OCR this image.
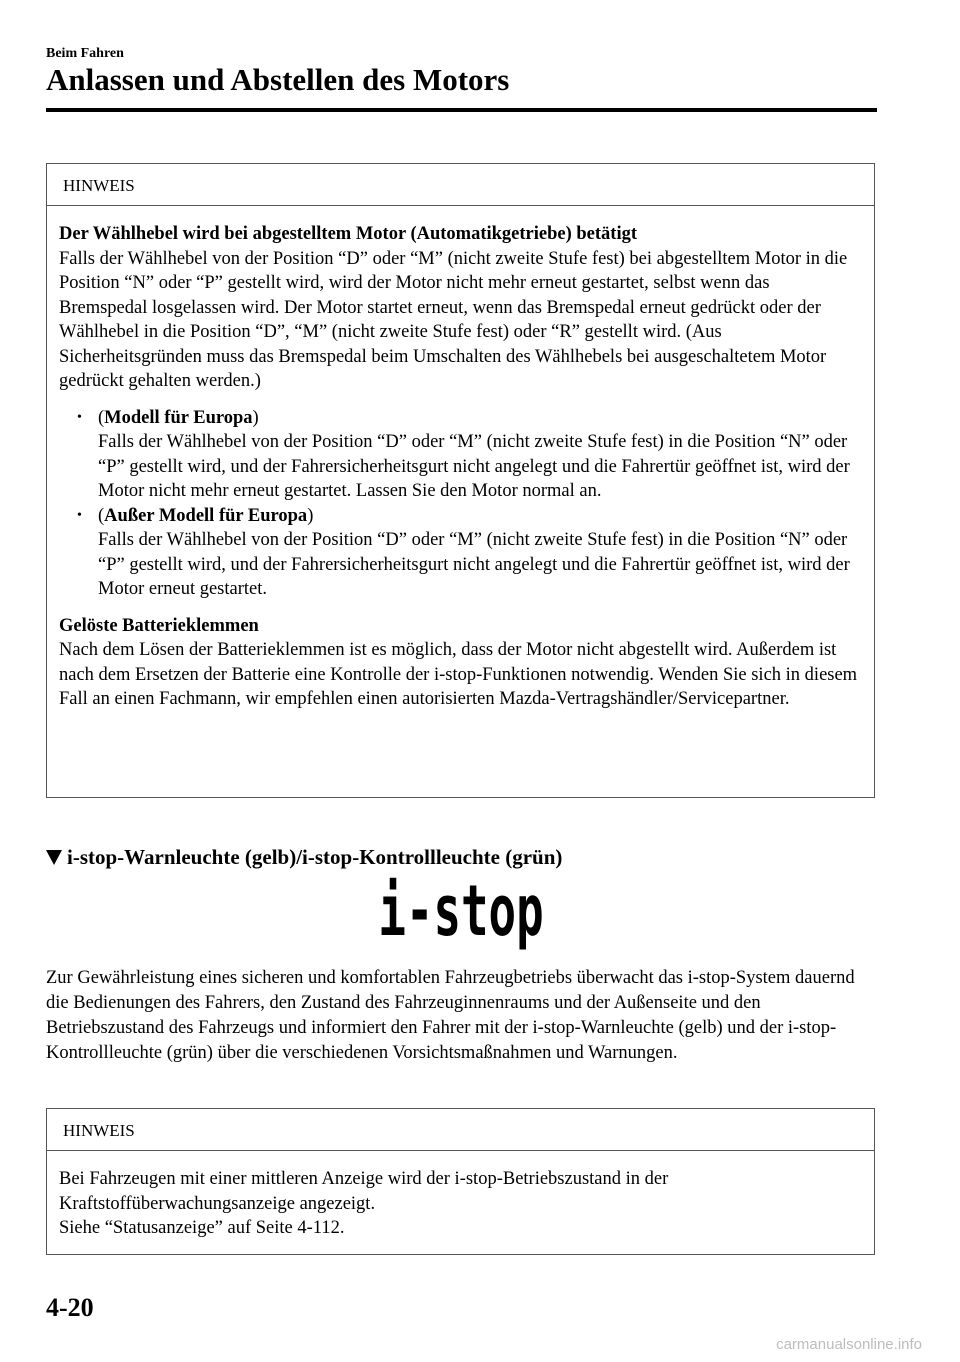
Beim Fahren
Anlassen und Abstellen des Motors
HINWEIS

Der Wählhebel wird bei abgestelltem Motor (Automatikgetriebe) betätigt

Falls der Wählhebel von der Position “D” oder “M” (nicht zweite Stufe fest) bei abgestelltem Motor in die Position “N” oder “P” gestellt wird, wird der Motor nicht mehr erneut gestartet, selbst wenn das Bremspedal losgelassen wird. Der Motor startet erneut, wenn das Bremspedal erneut gedrückt oder der Wählhebel in die Position “D”, “M” (nicht zweite Stufe fest) oder “R” gestellt wird. (Aus Sicherheitsgründen muss das Bremspedal beim Umschalten des Wählhebels bei ausgeschaltetem Motor gedrückt gehalten werden.)

• (Modell für Europa)
Falls der Wählhebel von der Position “D” oder “M” (nicht zweite Stufe fest) in die Position “N” oder “P” gestellt wird, und der Fahrersicherheitsgurt nicht angelegt und die Fahrertür geöffnet ist, wird der Motor nicht mehr erneut gestartet. Lassen Sie den Motor normal an.
• (Außer Modell für Europa)
Falls der Wählhebel von der Position “D” oder “M” (nicht zweite Stufe fest) in die Position “N” oder “P” gestellt wird, und der Fahrersicherheitsgurt nicht angelegt und die Fahrertür geöffnet ist, wird der Motor erneut gestartet.

Gelöste Batterieklemmen

Nach dem Lösen der Batterieklemmen ist es möglich, dass der Motor nicht abgestellt wird. Außerdem ist nach dem Ersetzen der Batterie eine Kontrolle der i-stop-Funktionen notwendig. Wenden Sie sich in diesem Fall an einen Fachmann, wir empfehlen einen autorisierten Mazda-Vertragshändler/Servicepartner.

i-stop-Warnleuchte (gelb)/i-stop-Kontrollleuchte (grün)
i-stop

Zur Gewährleistung eines sicheren und komfortablen Fahrzeugbetriebs überwacht das i-stop-System dauernd die Bedienungen des Fahrers, den Zustand des Fahrzeuginnenraums und der Außenseite und den Betriebszustand des Fahrzeugs und informiert den Fahrer mit der i-stop-Warnleuchte (gelb) und der i-stop-Kontrollleuchte (grün) über die verschiedenen Vorsichtsmaßnahmen und Warnungen.

HINWEIS

Bei Fahrzeugen mit einer mittleren Anzeige wird der i-stop-Betriebszustand in der Kraftstoffüberwachungsanzeige angezeigt.

Siehe “Statusanzeige” auf Seite 4-112.

4-20
carmanualsonline.info
